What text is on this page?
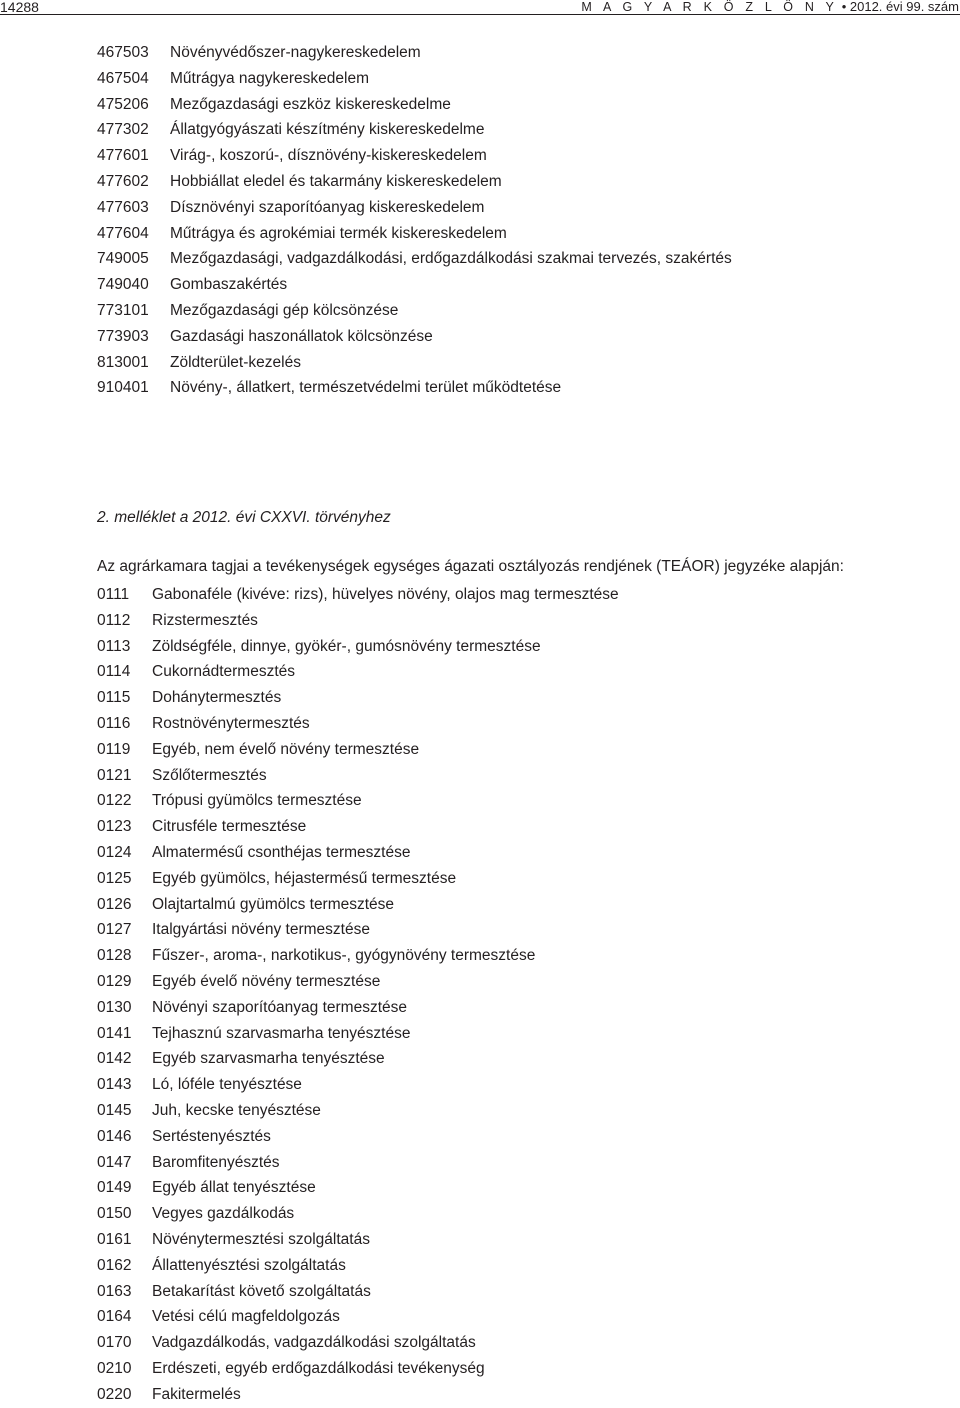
14288	M A G Y A R K Ö Z L Ö N Y • 2012. évi 99. szám
467503 Növényvédőszer-nagykereskedelem
467504 Műtrágya nagykereskedelem
475206 Mezőgazdasági eszköz kiskereskedelme
477302 Állatgyógyászati készítmény kiskereskedelme
477601 Virág-, koszorú-, dísznövény-kiskereskedelem
477602 Hobbiállat eledel és takarmány kiskereskedelem
477603 Dísznövényi szaporítóanyag kiskereskedelem
477604 Műtrágya és agrokémiai termék kiskereskedelem
749005 Mezőgazdasági, vadgazdálkodási, erdőgazdálkodási szakmai tervezés, szakértés
749040 Gombaszakértés
773101 Mezőgazdasági gép kölcsönzése
773903 Gazdasági haszonállatok kölcsönzése
813001 Zöldterület-kezelés
910401 Növény-, állatkert, természetvédelmi terület működtetése
2. melléklet a 2012. évi CXXVI. törvényhez
Az agrárkamara tagjai a tevékenységek egységes ágazati osztályozás rendjének (TEÁOR) jegyzéke alapján:
0111 Gabonaféle (kivéve: rizs), hüvelyes növény, olajos mag termesztése
0112 Rizstermesztés
0113 Zöldségféle, dinnye, gyökér-, gumósnövény termesztése
0114 Cukornádtermesztés
0115 Dohánytermesztés
0116 Rostnövénytermesztés
0119 Egyéb, nem évelő növény termesztése
0121 Szőlőtermesztés
0122 Trópusi gyümölcs termesztése
0123 Citrusféle termesztése
0124 Almatermésű csonthéjas termesztése
0125 Egyéb gyümölcs, héjastermésű termesztése
0126 Olajtartalmú gyümölcs termesztése
0127 Italgyártási növény termesztése
0128 Fűszer-, aroma-, narkotikus-, gyógynövény termesztése
0129 Egyéb évelő növény termesztése
0130 Növényi szaporítóanyag termesztése
0141 Tejhasznú szarvasmarha tenyésztése
0142 Egyéb szarvasmarha tenyésztése
0143 Ló, lóféle tenyésztése
0145 Juh, kecske tenyésztése
0146 Sertéstenyésztés
0147 Baromfitenyésztés
0149 Egyéb állat tenyésztése
0150 Vegyes gazdálkodás
0161 Növénytermesztési szolgáltatás
0162 Állattenyésztési szolgáltatás
0163 Betakarítást követő szolgáltatás
0164 Vetési célú magfeldolgozás
0170 Vadgazdálkodás, vadgazdálkodási szolgáltatás
0210 Erdészeti, egyéb erdőgazdálkodási tevékenység
0220 Fakitermelés
